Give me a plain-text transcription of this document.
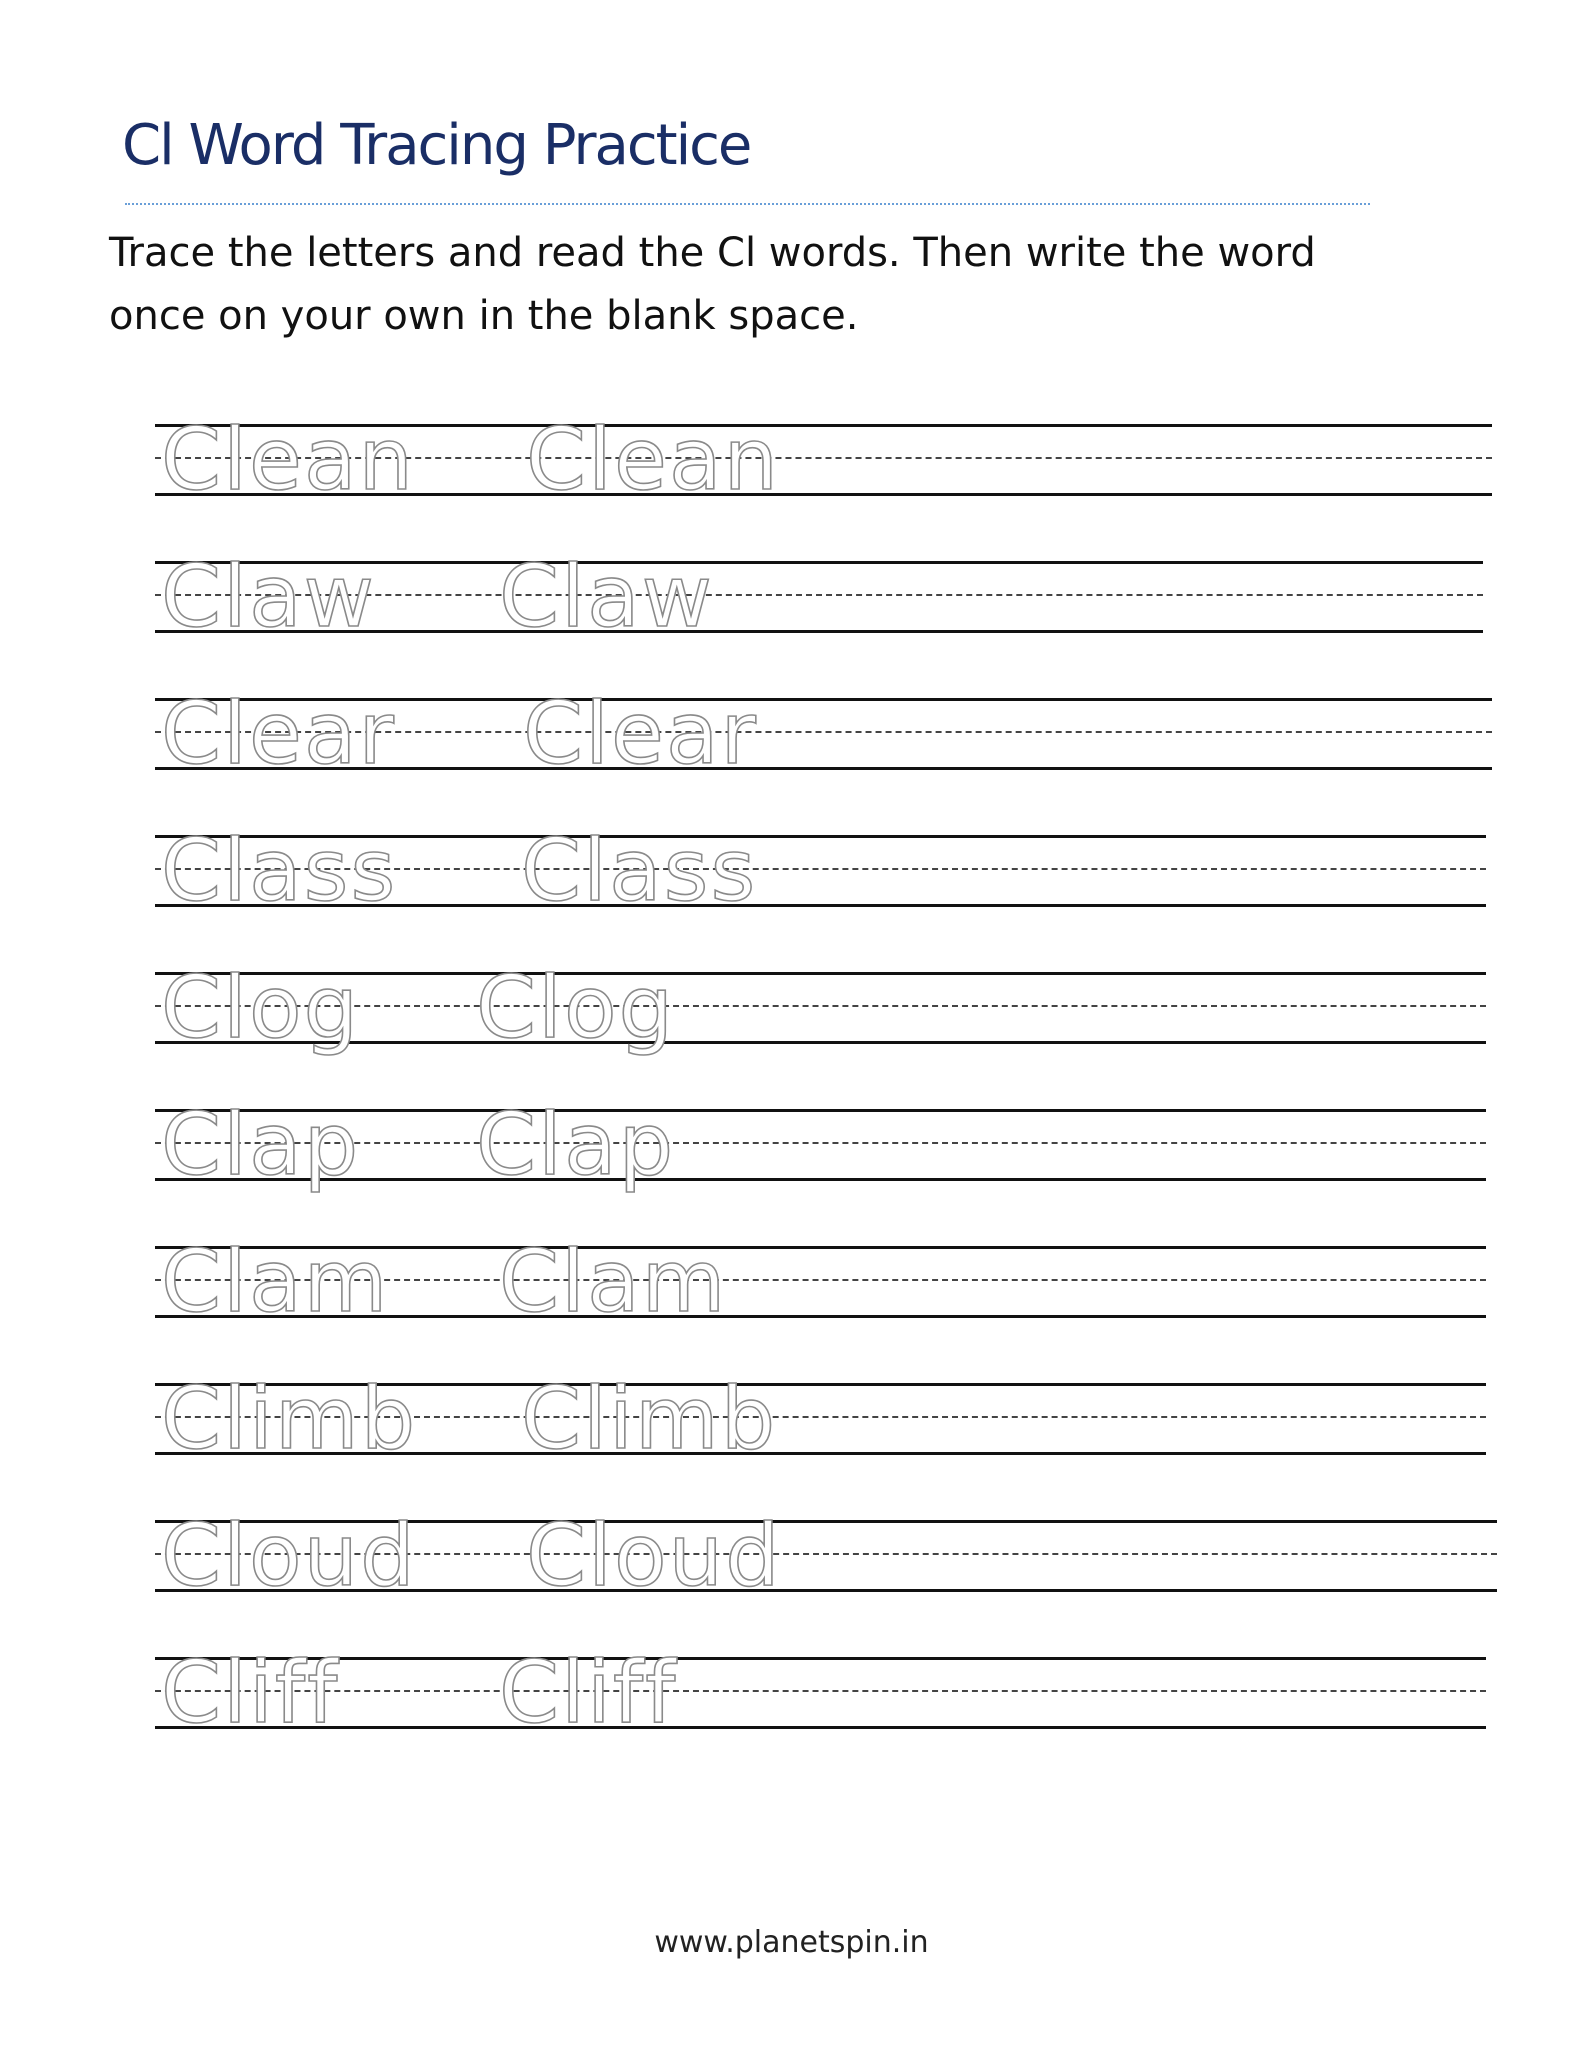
Cl Word Tracing Practice

Trace the letters and read the Cl words. Then write the word once on your own in the blank space.

Clean Clean
Claw Claw
Clear Clear
Class Class
Clog Clog
Clap Clap
Clam Clam
Climb Climb
Cloud Cloud
Cliff Cliff
www.planetspin.in
